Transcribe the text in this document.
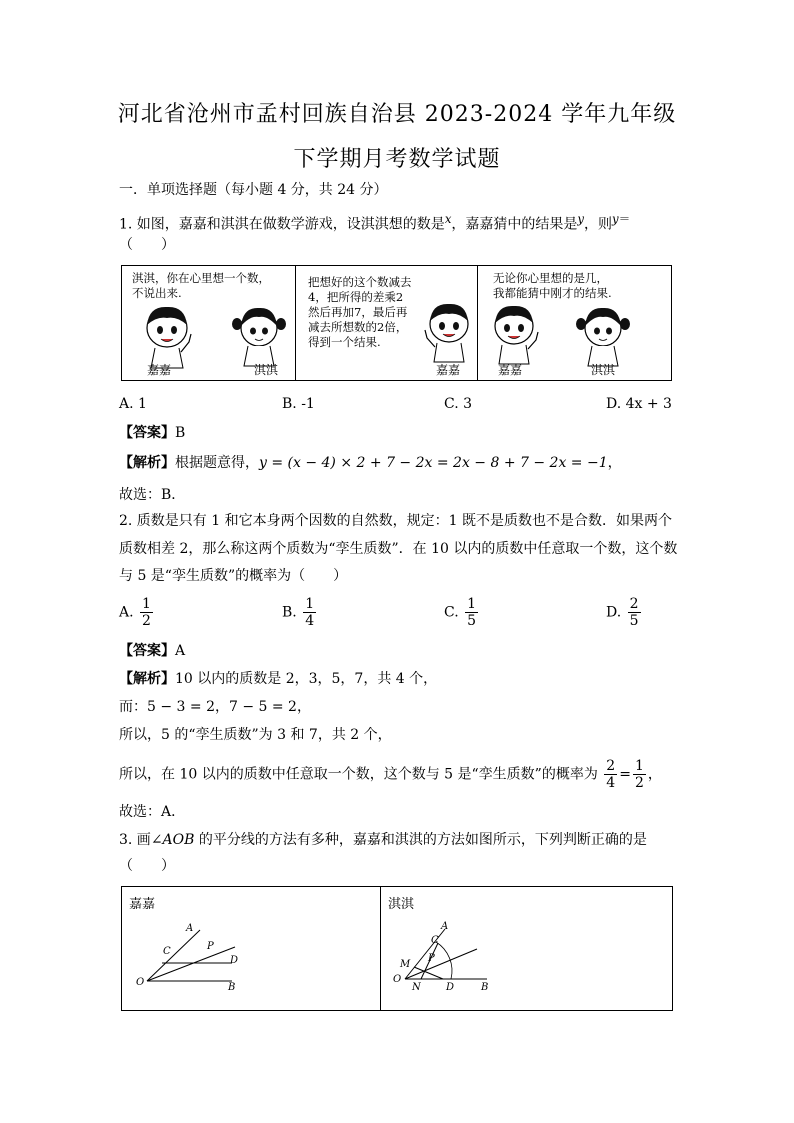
河北省沧州市孟村回族自治县 2023-2024 学年九年级
下学期月考数学试题
一．单项选择题（每小题 4 分，共 24 分）
1. 如图，嘉嘉和淇淇在做数学游戏，设淇淇想的数是$^x$，嘉嘉猜中的结果是$^y$，则$^{y=}$
（　　）
淇淇，你在心里想一个数，
不说出来.
嘉嘉	淇淇
把想好的这个数减去
4，把所得的差乘2
然后再加7，最后再
减去所想数的2倍，
得到一个结果.
嘉嘉
无论你心里想的是几，
我都能猜中刚才的结果.
嘉嘉	淇淇
A. 1	B. -1	C. 3	D. 4x + 3
【答案】B
【解析】根据题意得，y = (x − 4) × 2 + 7 − 2x = 2x − 8 + 7 − 2x = −1，
故选：B．
2. 质数是只有 1 和它本身两个因数的自然数，规定：1 既不是质数也不是合数．如果两个
质数相差 2，那么称这两个质数为“孪生质数”．在 10 以内的质数中任意取一个数，这个数
与 5 是“孪生质数”的概率为（　　）
A. $\frac{1}{2}$	B. $\frac{1}{4}$	C. $\frac{1}{5}$	D. $\frac{2}{5}$
【答案】A
【解析】10 以内的质数是 2，3，5，7，共 4 个，
而：5 − 3 = 2，7 − 5 = 2，
所以，5 的“孪生质数”为 3 和 7，共 2 个，
所以，在 10 以内的质数中任意取一个数，这个数与 5 是“孪生质数”的概率为 $\frac{2}{4} = \frac{1}{2}$ ，
故选：A．
3. 画∠AOB 的平分线的方法有多种，嘉嘉和淇淇的方法如图所示，下列判断正确的是
（　　）
嘉嘉
A
C	P
D
O	B
淇淇
A
C
M
P
O
N	D	B
